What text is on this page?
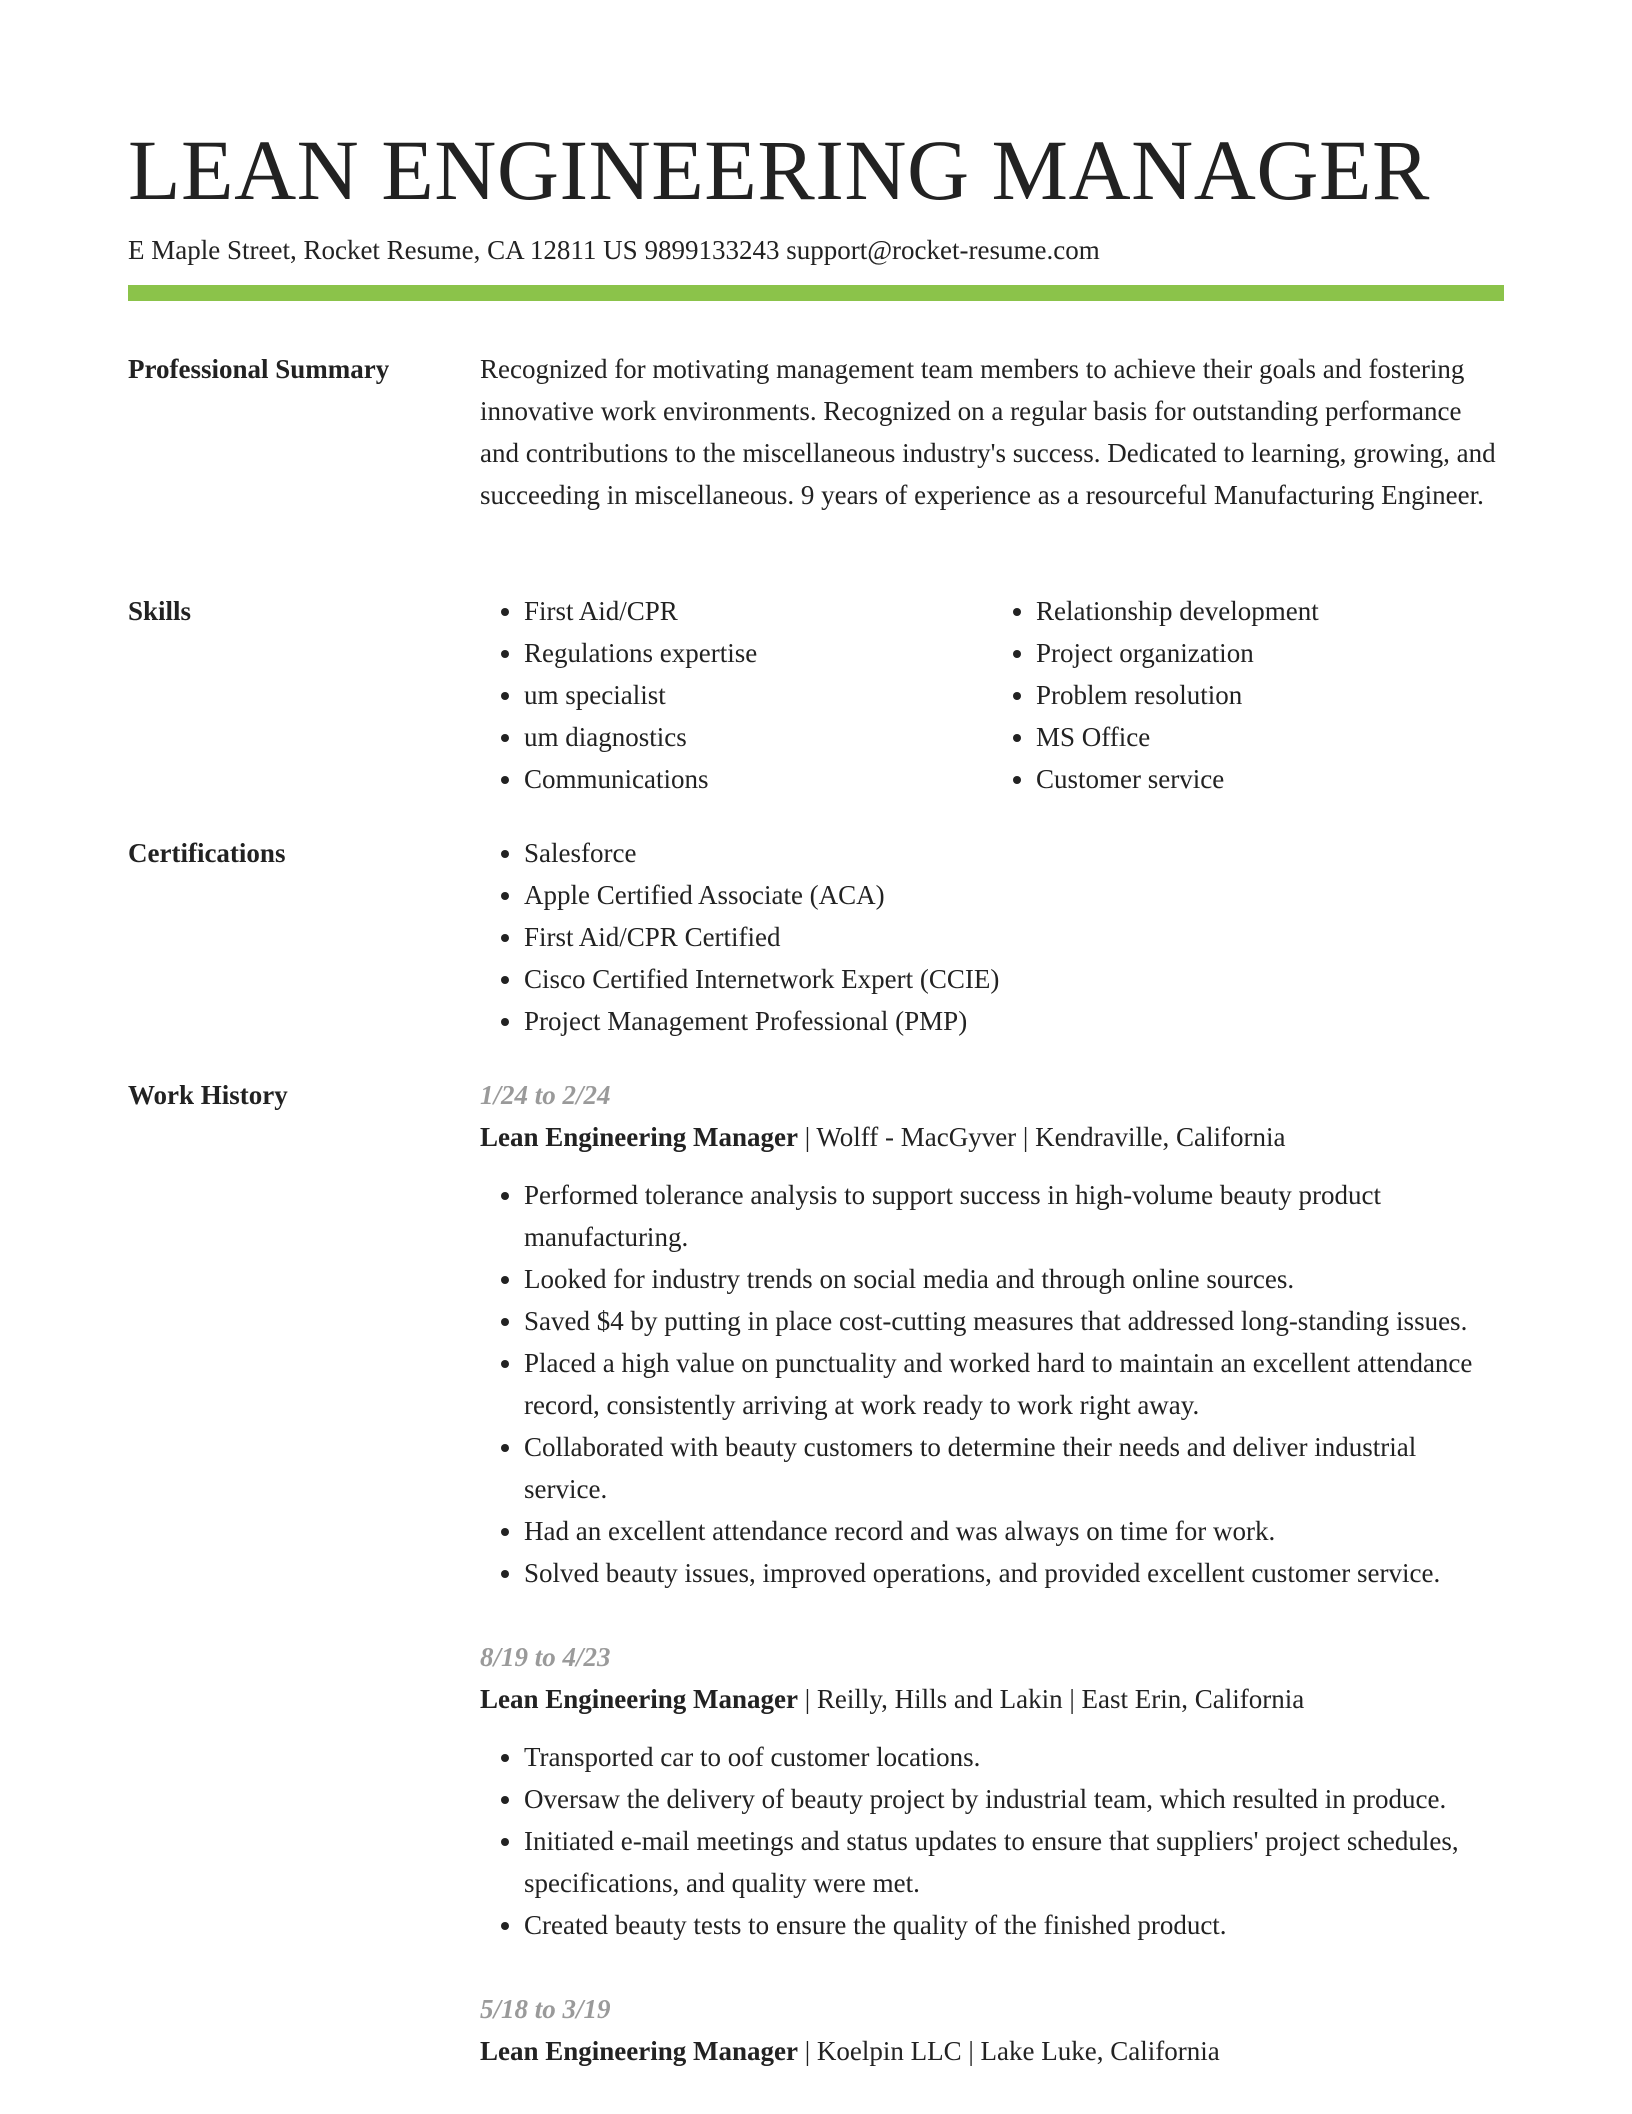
LEAN ENGINEERING MANAGER
E Maple Street, Rocket Resume, CA 12811 US 9899133243 support@rocket-resume.com
Professional Summary	Recognized for motivating management team members to achieve their goals and fostering innovative work environments. Recognized on a regular basis for outstanding performance and contributions to the miscellaneous industry's success. Dedicated to learning, growing, and succeeding in miscellaneous. 9 years of experience as a resourceful Manufacturing Engineer.

Skills	• First Aid/CPR
• Regulations expertise
• um specialist
• um diagnostics
• Communications
• Relationship development
• Project organization
• Problem resolution
• MS Office
• Customer service
Certifications	• Salesforce
• Apple Certified Associate (ACA)
• First Aid/CPR Certified
• Cisco Certified Internetwork Expert (CCIE)
• Project Management Professional (PMP)
Work History	1/24 to 2/24
Lean Engineering Manager | Wolff - MacGyver | Kendraville, California
• Performed tolerance analysis to support success in high-volume beauty product manufacturing.
• Looked for industry trends on social media and through online sources.
• Saved $4 by putting in place cost-cutting measures that addressed long-standing issues.
• Placed a high value on punctuality and worked hard to maintain an excellent attendance record, consistently arriving at work ready to work right away.
• Collaborated with beauty customers to determine their needs and deliver industrial service.
• Had an excellent attendance record and was always on time for work.
• Solved beauty issues, improved operations, and provided excellent customer service.
8/19 to 4/23
Lean Engineering Manager | Reilly, Hills and Lakin | East Erin, California
• Transported car to oof customer locations.
• Oversaw the delivery of beauty project by industrial team, which resulted in produce.
• Initiated e-mail meetings and status updates to ensure that suppliers' project schedules, specifications, and quality were met.
• Created beauty tests to ensure the quality of the finished product.
5/18 to 3/19
Lean Engineering Manager | Koelpin LLC | Lake Luke, California
